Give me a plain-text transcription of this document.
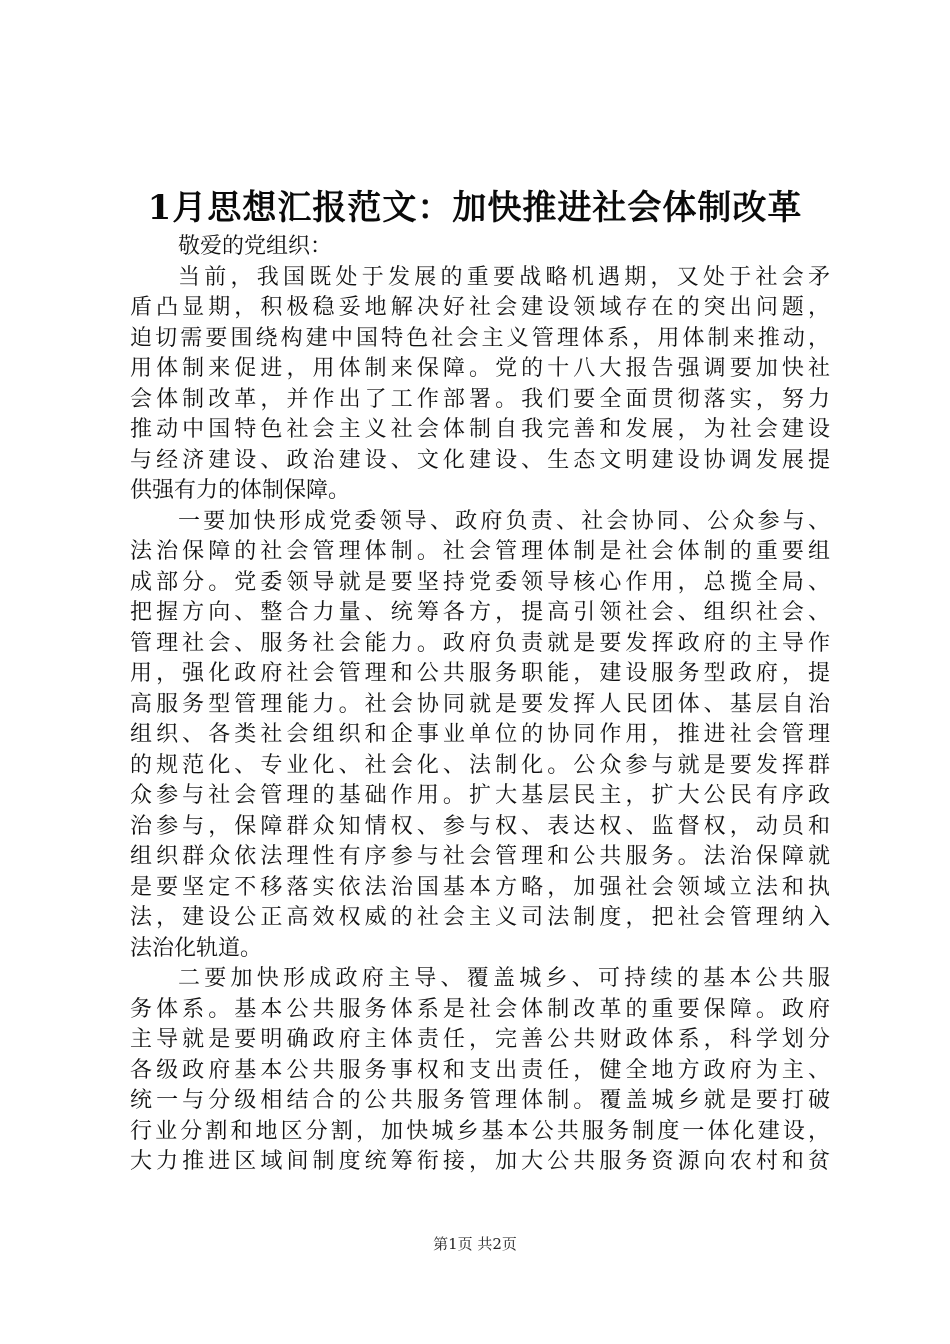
1月思想汇报范文：加快推进社会体制改革
敬爱的党组织：
当前，我国既处于发展的重要战略机遇期，又处于社会矛
盾凸显期，积极稳妥地解决好社会建设领域存在的突出问题，
迫切需要围绕构建中国特色社会主义管理体系，用体制来推动，
用体制来促进，用体制来保障。党的十八大报告强调要加快社
会体制改革，并作出了工作部署。我们要全面贯彻落实，努力
推动中国特色社会主义社会体制自我完善和发展，为社会建设
与经济建设、政治建设、文化建设、生态文明建设协调发展提
供强有力的体制保障。
一要加快形成党委领导、政府负责、社会协同、公众参与、
法治保障的社会管理体制。社会管理体制是社会体制的重要组
成部分。党委领导就是要坚持党委领导核心作用，总揽全局、
把握方向、整合力量、统筹各方，提高引领社会、组织社会、
管理社会、服务社会能力。政府负责就是要发挥政府的主导作
用，强化政府社会管理和公共服务职能，建设服务型政府，提
高服务型管理能力。社会协同就是要发挥人民团体、基层自治
组织、各类社会组织和企事业单位的协同作用，推进社会管理
的规范化、专业化、社会化、法制化。公众参与就是要发挥群
众参与社会管理的基础作用。扩大基层民主，扩大公民有序政
治参与，保障群众知情权、参与权、表达权、监督权，动员和
组织群众依法理性有序参与社会管理和公共服务。法治保障就
是要坚定不移落实依法治国基本方略，加强社会领域立法和执
法，建设公正高效权威的社会主义司法制度，把社会管理纳入
法治化轨道。
二要加快形成政府主导、覆盖城乡、可持续的基本公共服
务体系。基本公共服务体系是社会体制改革的重要保障。政府
主导就是要明确政府主体责任，完善公共财政体系，科学划分
各级政府基本公共服务事权和支出责任，健全地方政府为主、
统一与分级相结合的公共服务管理体制。覆盖城乡就是要打破
行业分割和地区分割，加快城乡基本公共服务制度一体化建设，
大力推进区域间制度统筹衔接，加大公共服务资源向农村和贫
第1页 共2页
